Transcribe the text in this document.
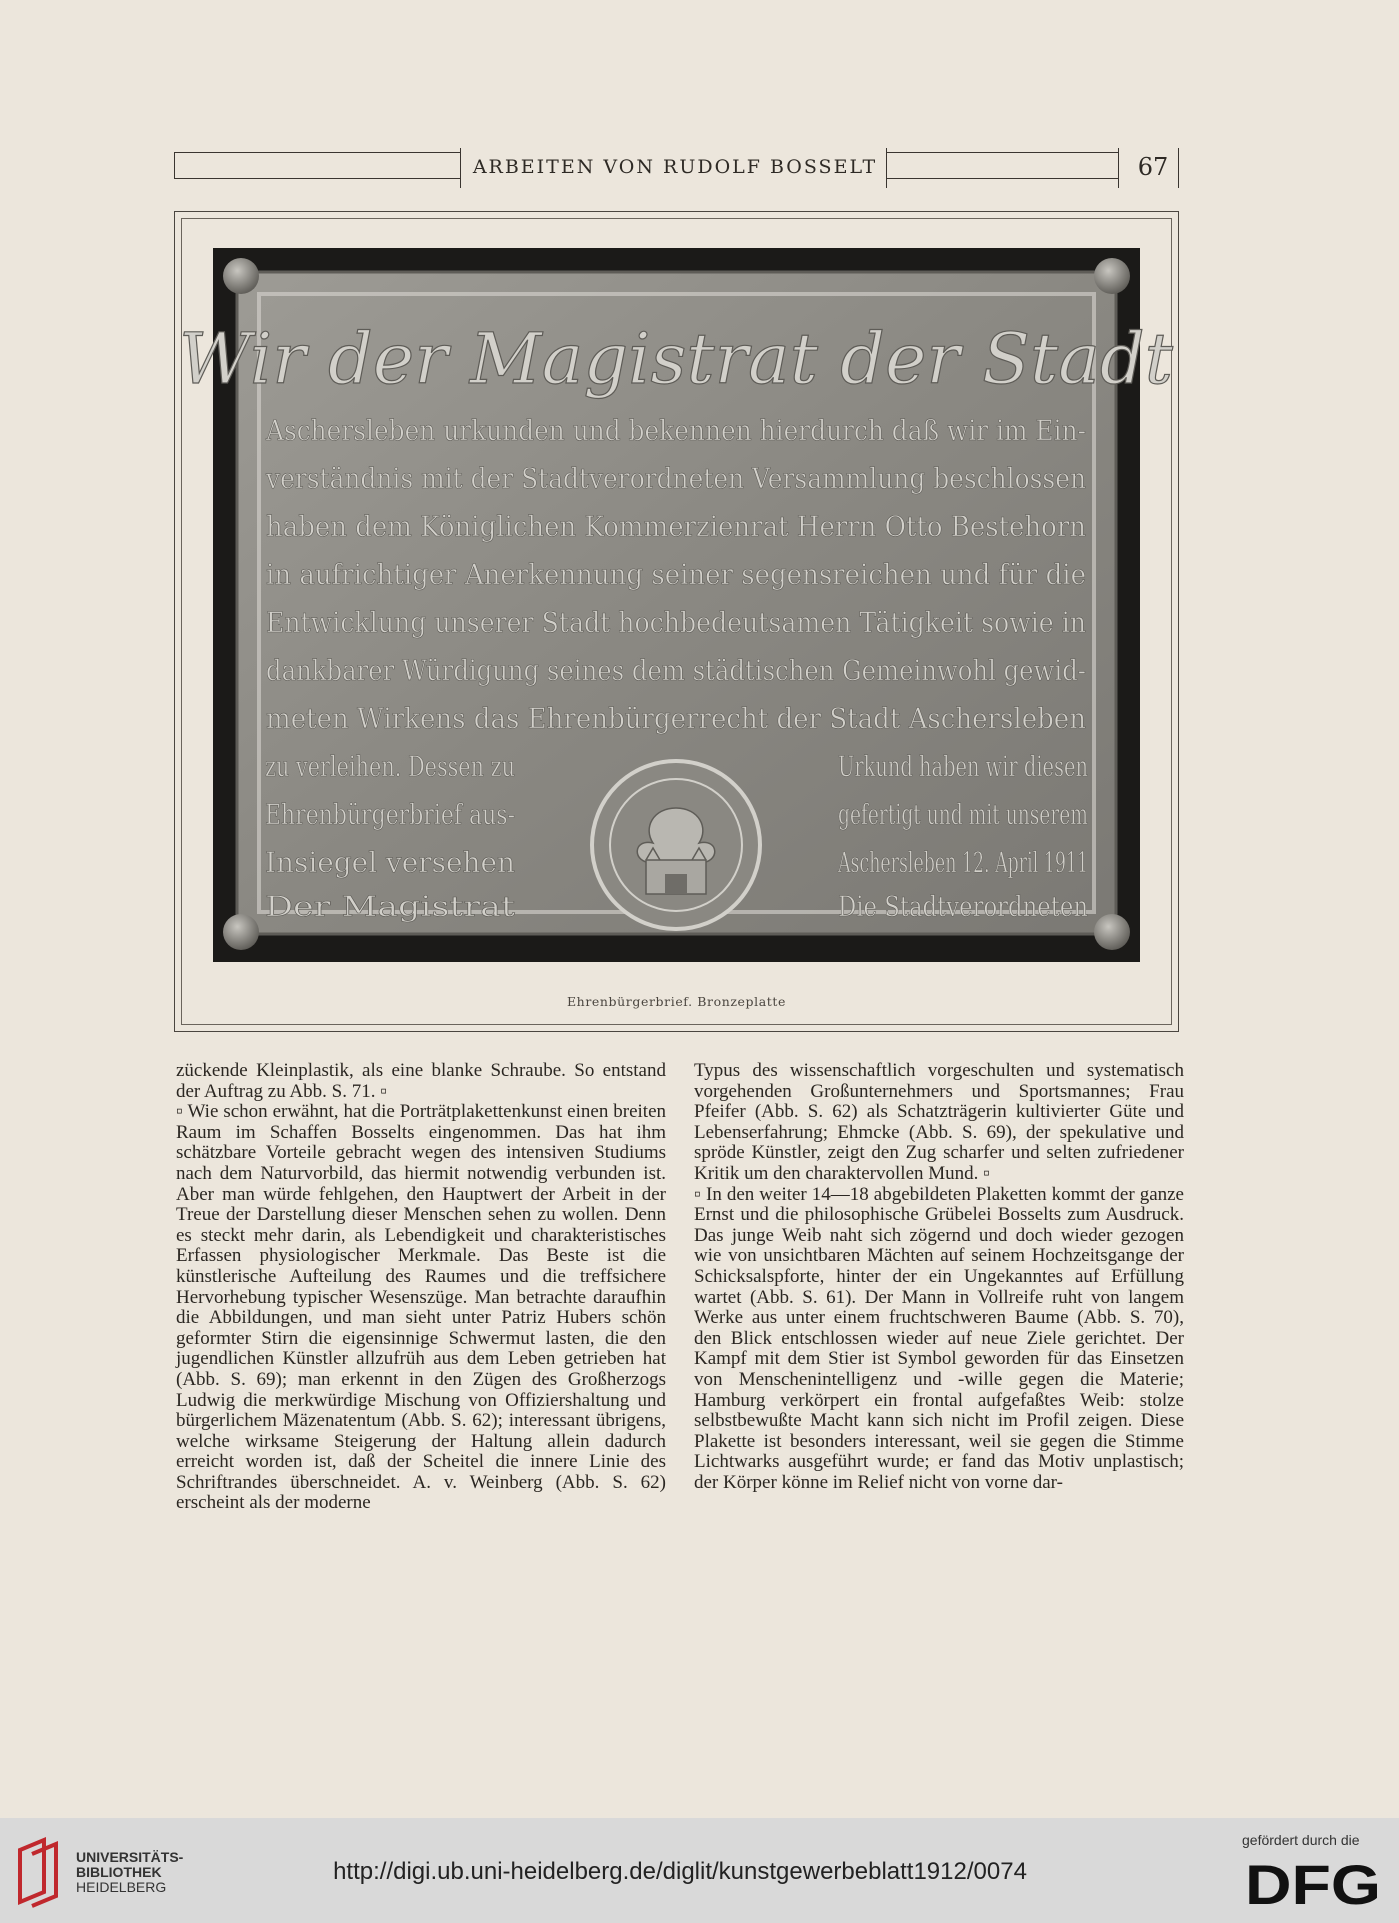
ARBEITEN VON RUDOLF BOSSELT	67
Wir der Magistrat der Stadt
Aschersleben urkunden und bekennen hierdurch daß wir im Ein-
verständnis mit der Stadtverordneten Versammlung beschlossen
haben dem Königlichen Kommerzienrat Herrn Otto Bestehorn
in aufrichtiger Anerkennung seiner segensreichen und für die
Entwicklung unserer Stadt hochbedeutsamen Tätigkeit sowie in
dankbarer Würdigung seines dem städtischen Gemeinwohl gewid-
meten Wirkens das Ehrenbürgerrecht der Stadt Aschersleben
zu verleihen. Dessen zu
Ehrenbürgerbrief aus-
Insiegel versehen
Der Magistrat
Urkund haben wir diesen
gefertigt und mit unserem
Aschersleben 12. April 1911
Die Stadtverordneten
Ehrenbürgerbrief. Bronzeplatte

zückende Kleinplastik, als eine blanke Schraube. So entstand der Auftrag zu Abb. S. 71. ▫

▫ Wie schon erwähnt, hat die Porträtplakettenkunst einen breiten Raum im Schaffen Bosselts eingenommen. Das hat ihm schätzbare Vorteile gebracht wegen des intensiven Studiums nach dem Naturvorbild, das hiermit notwendig verbunden ist. Aber man würde fehlgehen, den Hauptwert der Arbeit in der Treue der Darstellung dieser Menschen sehen zu wollen. Denn es steckt mehr darin, als Lebendigkeit und charakteristisches Erfassen physiologischer Merkmale. Das Beste ist die künstlerische Aufteilung des Raumes und die treffsichere Hervorhebung typischer Wesenszüge. Man betrachte daraufhin die Abbildungen, und man sieht unter Patriz Hubers schön geformter Stirn die eigensinnige Schwermut lasten, die den jugendlichen Künstler allzufrüh aus dem Leben getrieben hat (Abb. S. 69); man erkennt in den Zügen des Großherzogs Ludwig die merkwürdige Mischung von Offiziershaltung und bürgerlichem Mäzenatentum (Abb. S. 62); interessant übrigens, welche wirksame Steigerung der Haltung allein dadurch erreicht worden ist, daß der Scheitel die innere Linie des Schriftrandes überschneidet. A. v. Weinberg (Abb. S. 62) erscheint als der moderne

Typus des wissenschaftlich vorgeschulten und systematisch vorgehenden Großunternehmers und Sportsmannes; Frau Pfeifer (Abb. S. 62) als Schatzträgerin kultivierter Güte und Lebenserfahrung; Ehmcke (Abb. S. 69), der spekulative und spröde Künstler, zeigt den Zug scharfer und selten zufriedener Kritik um den charaktervollen Mund. ▫

▫ In den weiter 14—18 abgebildeten Plaketten kommt der ganze Ernst und die philosophische Grübelei Bosselts zum Ausdruck. Das junge Weib naht sich zögernd und doch wieder gezogen wie von unsichtbaren Mächten auf seinem Hochzeitsgange der Schicksalspforte, hinter der ein Ungekanntes auf Erfüllung wartet (Abb. S. 61). Der Mann in Vollreife ruht von langem Werke aus unter einem fruchtschweren Baume (Abb. S. 70), den Blick entschlossen wieder auf neue Ziele gerichtet. Der Kampf mit dem Stier ist Symbol geworden für das Einsetzen von Menschenintelligenz und -wille gegen die Materie; Hamburg verkörpert ein frontal aufgefaßtes Weib: stolze selbstbewußte Macht kann sich nicht im Profil zeigen. Diese Plakette ist besonders interessant, weil sie gegen die Stimme Lichtwarks ausgeführt wurde; er fand das Motiv unplastisch; der Körper könne im Relief nicht von vorne dar-

UNIVERSITÄTS-
BIBLIOTHEK
HEIDELBERG
http://digi.ub.uni-heidelberg.de/diglit/kunstgewerbeblatt1912/0074
gefördert durch die
DFG
